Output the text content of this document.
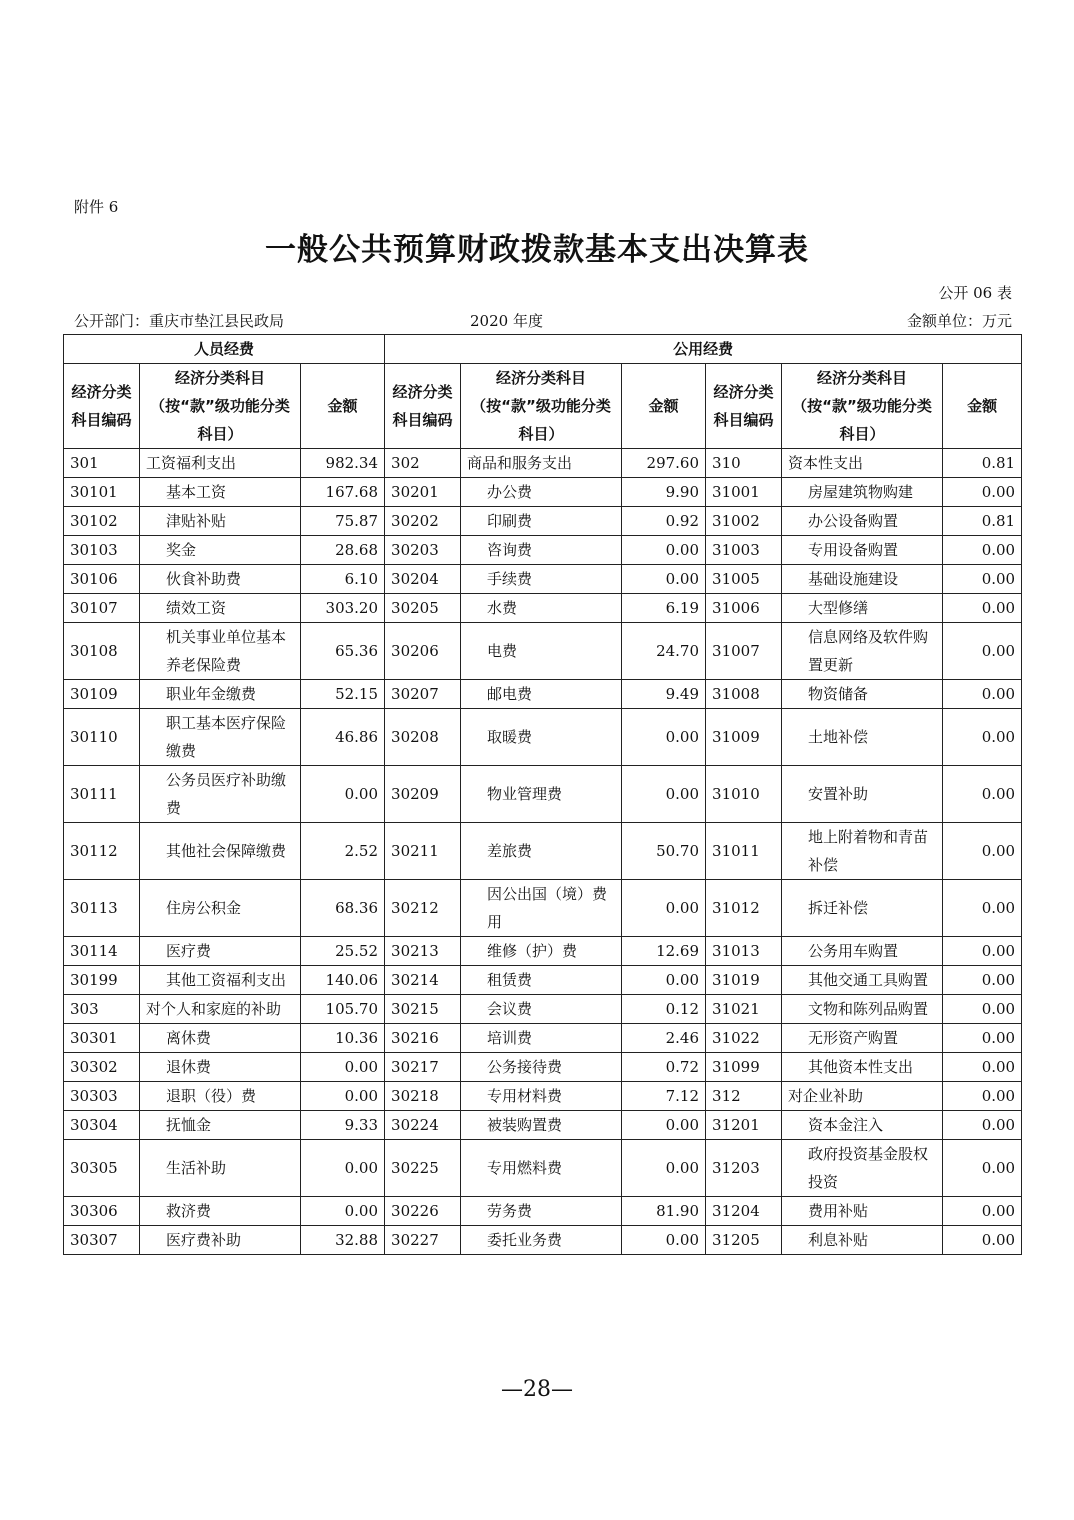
附件 6
一般公共预算财政拨款基本支出决算表
公开 06 表
公开部门：重庆市垫江县民政局	2020 年度	金额单位：万元
人员经费			公用经费					
经济分类科目编码	经济分类科目（按“款”级功能分类科目）	金额	经济分类科目编码	经济分类科目（按“款”级功能分类科目）	金额	经济分类科目编码	经济分类科目（按“款”级功能分类科目）	金额
301	工资福利支出	982.34	302	商品和服务支出	297.60	310	资本性支出	0.81
30101	基本工资	167.68	30201	办公费	9.90	31001	房屋建筑物购建	0.00
30102	津贴补贴	75.87	30202	印刷费	0.92	31002	办公设备购置	0.81
30103	奖金	28.68	30203	咨询费	0.00	31003	专用设备购置	0.00
30106	伙食补助费	6.10	30204	手续费	0.00	31005	基础设施建设	0.00
30107	绩效工资	303.20	30205	水费	6.19	31006	大型修缮	0.00
30108	机关事业单位基本养老保险费	65.36	30206	电费	24.70	31007	信息网络及软件购置更新	0.00
30109	职业年金缴费	52.15	30207	邮电费	9.49	31008	物资储备	0.00
30110	职工基本医疗保险缴费	46.86	30208	取暖费	0.00	31009	土地补偿	0.00
30111	公务员医疗补助缴费	0.00	30209	物业管理费	0.00	31010	安置补助	0.00
30112	其他社会保障缴费	2.52	30211	差旅费	50.70	31011	地上附着物和青苗补偿	0.00
30113	住房公积金	68.36	30212	因公出国（境）费用	0.00	31012	拆迁补偿	0.00
30114	医疗费	25.52	30213	维修（护）费	12.69	31013	公务用车购置	0.00
30199	其他工资福利支出	140.06	30214	租赁费	0.00	31019	其他交通工具购置	0.00
303	对个人和家庭的补助	105.70	30215	会议费	0.12	31021	文物和陈列品购置	0.00
30301	离休费	10.36	30216	培训费	2.46	31022	无形资产购置	0.00
30302	退休费	0.00	30217	公务接待费	0.72	31099	其他资本性支出	0.00
30303	退职（役）费	0.00	30218	专用材料费	7.12	312	对企业补助	0.00
30304	抚恤金	9.33	30224	被装购置费	0.00	31201	资本金注入	0.00
30305	生活补助	0.00	30225	专用燃料费	0.00	31203	政府投资基金股权投资	0.00
30306	救济费	0.00	30226	劳务费	81.90	31204	费用补贴	0.00
30307	医疗费补助	32.88	30227	委托业务费	0.00	31205	利息补贴	0.00
—28—
